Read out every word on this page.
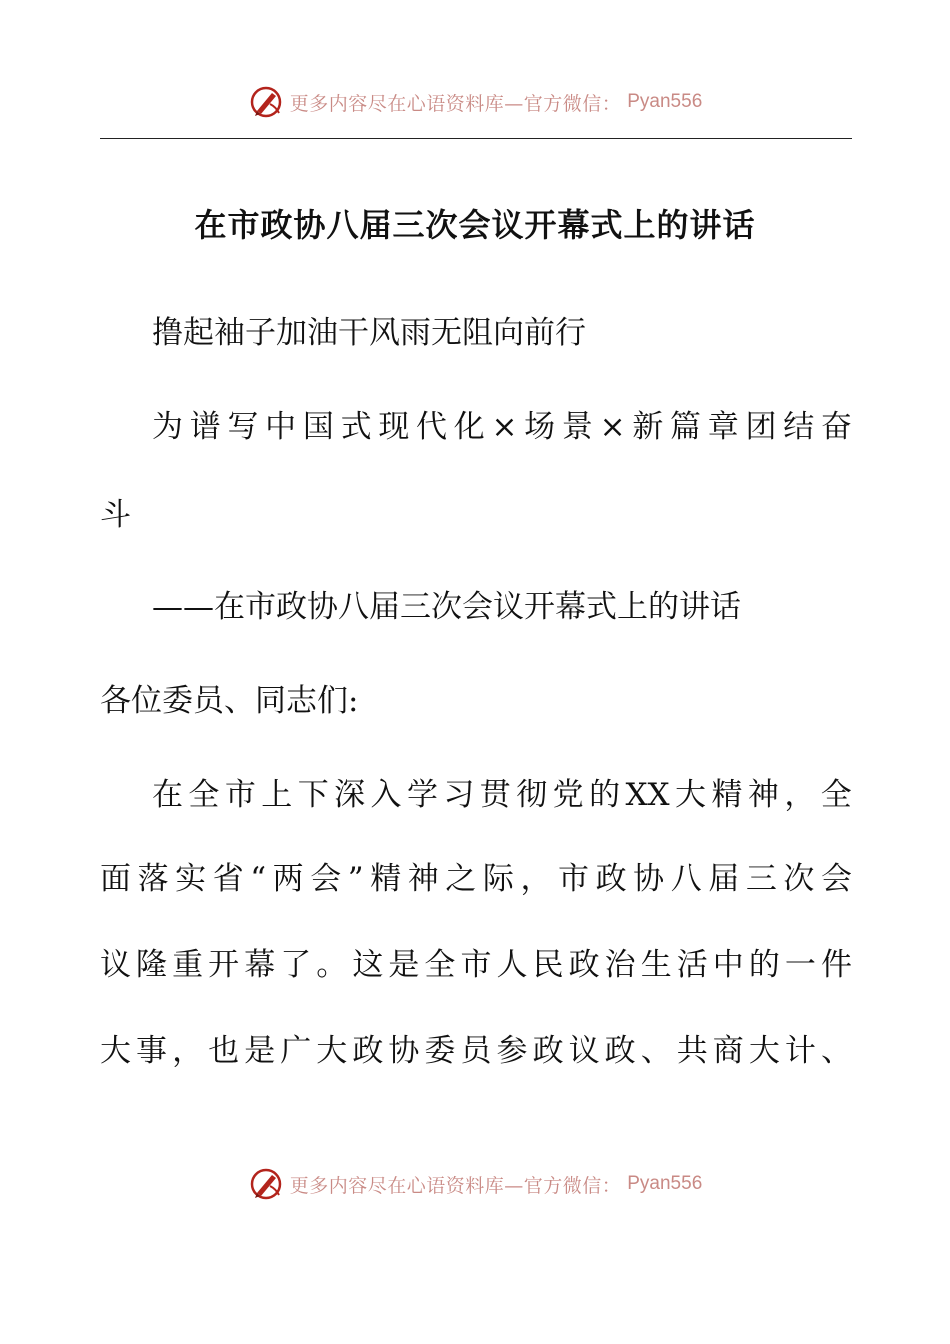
更多内容尽在心语资料库—官方微信： Pyan556
在市政协八届三次会议开幕式上的讲话

撸起袖子加油干风雨无阻向前行

为 谱 写 中 国 式 现 代 化 × 场 景 × 新 篇 章 团 结 奋

斗

——在市政协八届三次会议开幕式上的讲话

各位委员、同志们:

在 全 市 上 下 深 入 学 习 贯 彻 党 的 XX 大 精 神 ， 全

面 落 实 省 “ 两 会 ” 精 神 之 际 ， 市 政 协 八 届 三 次 会

议 隆 重 开 幕 了 。 这 是 全 市 人 民 政 治 生 活 中 的 一 件

大 事 ， 也 是 广 大 政 协 委 员 参 政 议 政 、 共 商 大 计 、

更多内容尽在心语资料库—官方微信： Pyan556
